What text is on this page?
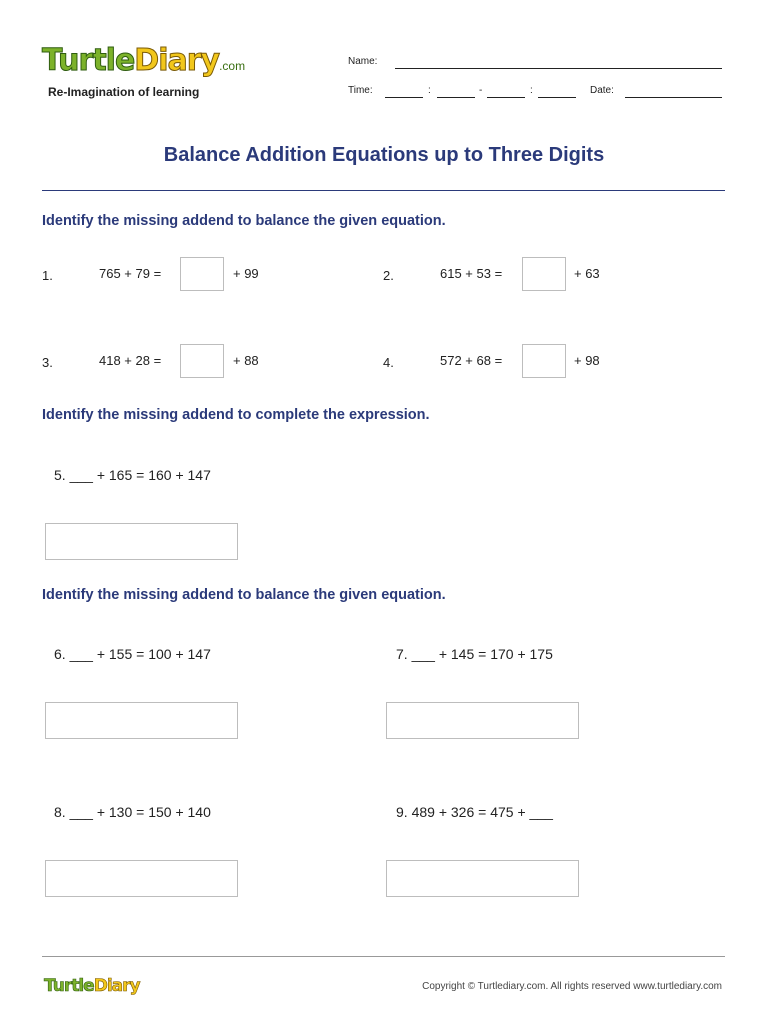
TurtleDiary.com
Re-Imagination of learning
Name:
Time:	:	-	:	Date:
Balance Addition Equations up to Three Digits
Identify the missing addend to balance the given equation.
1.	765 + 79 =	+ 99	2.	615 + 53 =	+ 63
3.	418 + 28 =	+ 88	4.	572 + 68 =	+ 98
Identify the missing addend to complete the expression.
5. ___ + 165 = 160 + 147
Identify the missing addend to balance the given equation.
6. ___ + 155 = 100 + 147	7. ___ + 145 = 170 + 175
8. ___ + 130 = 150 + 140	9. 489 + 326 = 475 + ___
TurtleDiary	Copyright © Turtlediary.com. All rights reserved www.turtlediary.com
